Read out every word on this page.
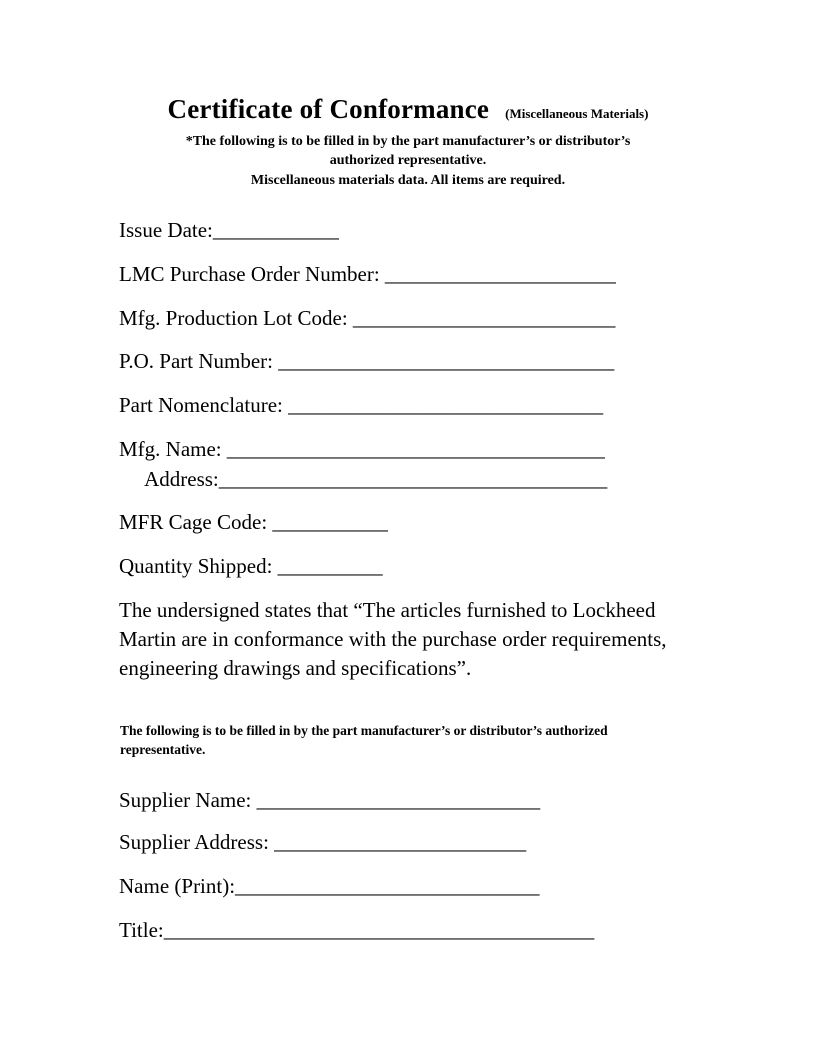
Certificate of Conformance (Miscellaneous Materials)
*The following is to be filled in by the part manufacturer’s or distributor’s
authorized representative.
Miscellaneous materials data. All items are required.
Issue Date:____________
LMC Purchase Order Number: ______________________
Mfg. Production Lot Code: _________________________
P.O. Part Number: ________________________________
Part Nomenclature: ______________________________
Mfg. Name: ____________________________________
Address:_____________________________________
MFR Cage Code: ___________
Quantity Shipped: __________
The undersigned states that “The articles furnished to Lockheed Martin are in conformance with the purchase order requirements, engineering drawings and specifications”.
The following is to be filled in by the part manufacturer’s or distributor’s authorized representative.
Supplier Name: ___________________________
Supplier Address: ________________________
Name (Print):_____________________________
Title:_________________________________________
